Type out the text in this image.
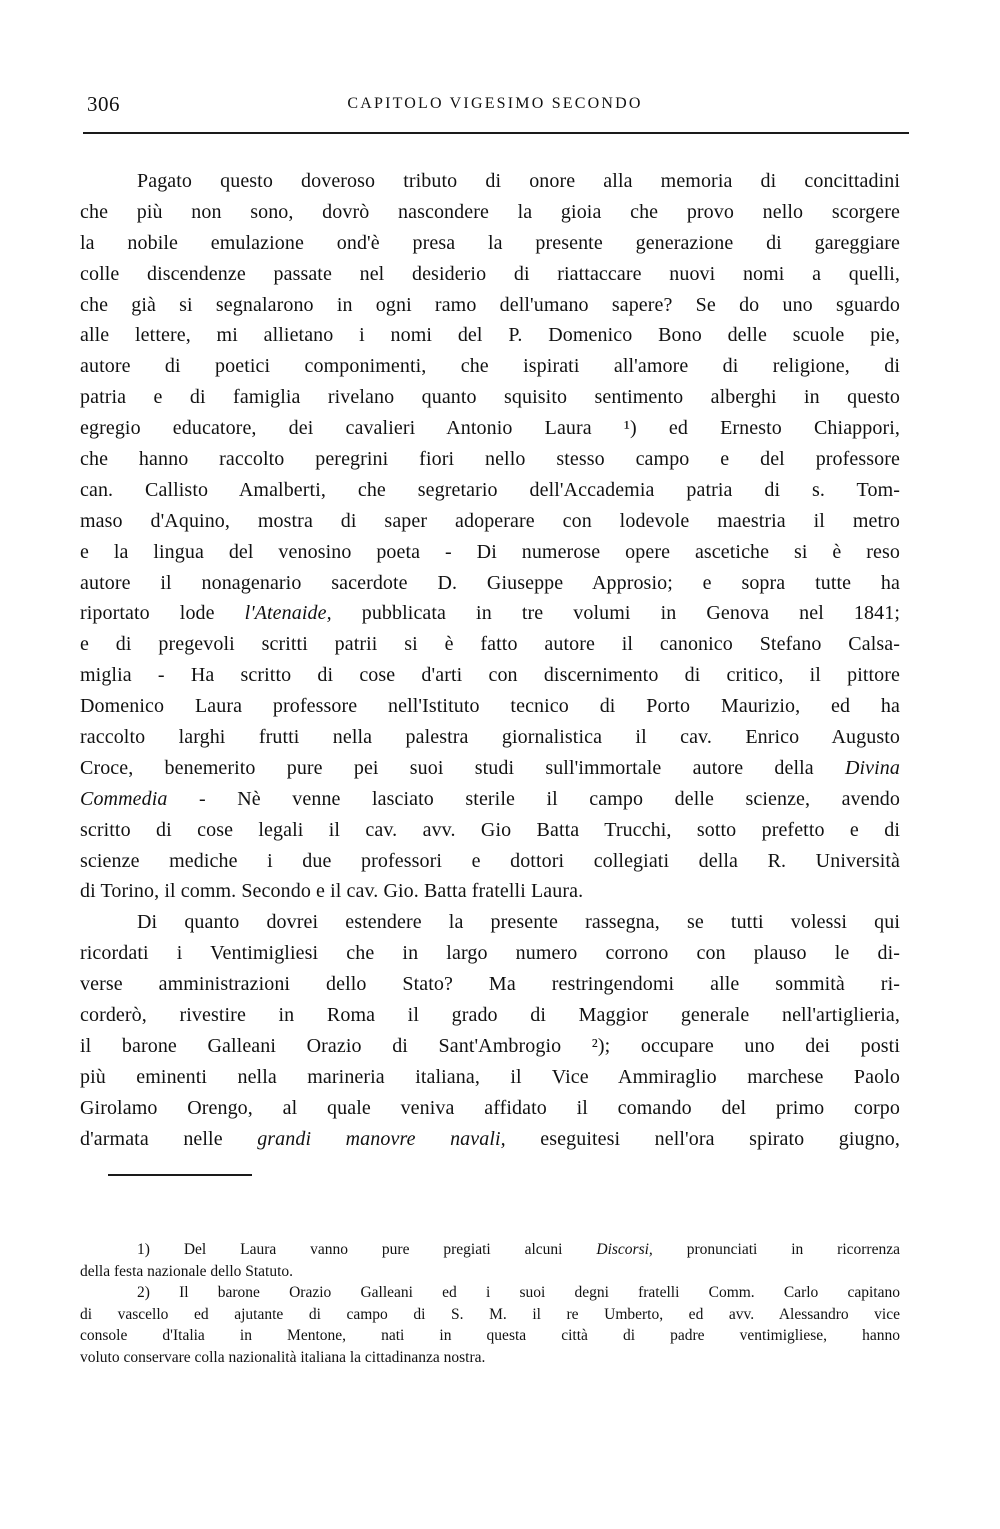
306	CAPITOLO VIGESIMO SECONDO
Pagato questo doveroso tributo di onore alla memoria di concittadini
che più non sono, dovrò nascondere la gioia che provo nello scorgere
la nobile emulazione ond'è presa la presente generazione di gareggiare
colle discendenze passate nel desiderio di riattaccare nuovi nomi a quelli,
che già si segnalarono in ogni ramo dell'umano sapere? Se do uno sguardo
alle lettere, mi allietano i nomi del P. Domenico Bono delle scuole pie,
autore di poetici componimenti, che ispirati all'amore di religione, di
patria e di famiglia rivelano quanto squisito sentimento alberghi in questo
egregio educatore, dei cavalieri Antonio Laura ¹) ed Ernesto Chiappori,
che hanno raccolto peregrini fiori nello stesso campo e del professore
can. Callisto Amalberti, che segretario dell'Accademia patria di s. Tom-
maso d'Aquino, mostra di saper adoperare con lodevole maestria il metro
e la lingua del venosino poeta - Di numerose opere ascetiche si è reso
autore il nonagenario sacerdote D. Giuseppe Approsio; e sopra tutte ha
riportato lode l'Atenaide, pubblicata in tre volumi in Genova nel 1841;
e di pregevoli scritti patrii si è fatto autore il canonico Stefano Calsa-
miglia - Ha scritto di cose d'arti con discernimento di critico, il pittore
Domenico Laura professore nell'Istituto tecnico di Porto Maurizio, ed ha
raccolto larghi frutti nella palestra giornalistica il cav. Enrico Augusto
Croce, benemerito pure pei suoi studi sull'immortale autore della Divina
Commedia - Nè venne lasciato sterile il campo delle scienze, avendo
scritto di cose legali il cav. avv. Gio Batta Trucchi, sotto prefetto e di
scienze mediche i due professori e dottori collegiati della R. Università
di Torino, il comm. Secondo e il cav. Gio. Batta fratelli Laura.
Di quanto dovrei estendere la presente rassegna, se tutti volessi qui
ricordati i Ventimigliesi che in largo numero corrono con plauso le di-
verse amministrazioni dello Stato? Ma restringendomi alle sommità ri-
corderò, rivestire in Roma il grado di Maggior generale nell'artiglieria,
il barone Galleani Orazio di Sant'Ambrogio ²); occupare uno dei posti
più eminenti nella marineria italiana, il Vice Ammiraglio marchese Paolo
Girolamo Orengo, al quale veniva affidato il comando del primo corpo
d'armata nelle grandi manovre navali, eseguitesi nell'ora spirato giugno,
1) Del Laura vanno pure pregiati alcuni Discorsi, pronunciati in ricorrenza
della festa nazionale dello Statuto.
2) Il barone Orazio Galleani ed i suoi degni fratelli Comm. Carlo capitano
di vascello ed ajutante di campo di S. M. il re Umberto, ed avv. Alessandro vice
console d'Italia in Mentone, nati in questa città di padre ventimigliese, hanno
voluto conservare colla nazionalità italiana la cittadinanza nostra.
